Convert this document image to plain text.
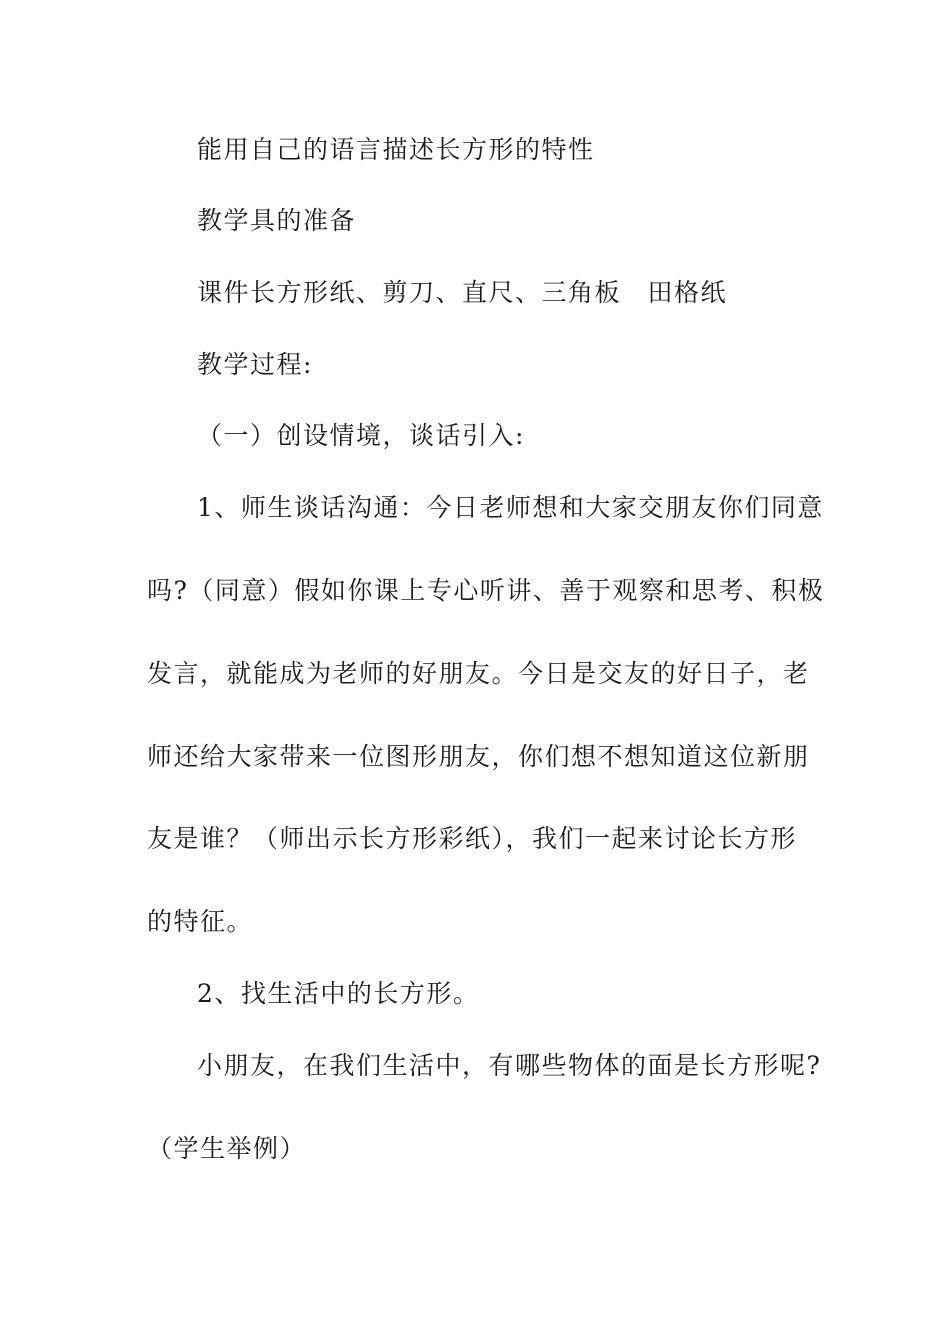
能用自己的语言描述长方形的特性
教学具的准备
课件长方形纸、剪刀、直尺、三角板　田格纸
教学过程:
（一）创设情境，谈话引入:
1、师生谈话沟通：今日老师想和大家交朋友你们同意
吗?（同意）假如你课上专心听讲、善于观察和思考、积极
发言，就能成为老师的好朋友。今日是交友的好日子，老
师还给大家带来一位图形朋友，你们想不想知道这位新朋
友是谁？（师出示长方形彩纸），我们一起来讨论长方形
的特征。
2、找生活中的长方形。
小朋友，在我们生活中，有哪些物体的面是长方形呢?
（学生举例）
